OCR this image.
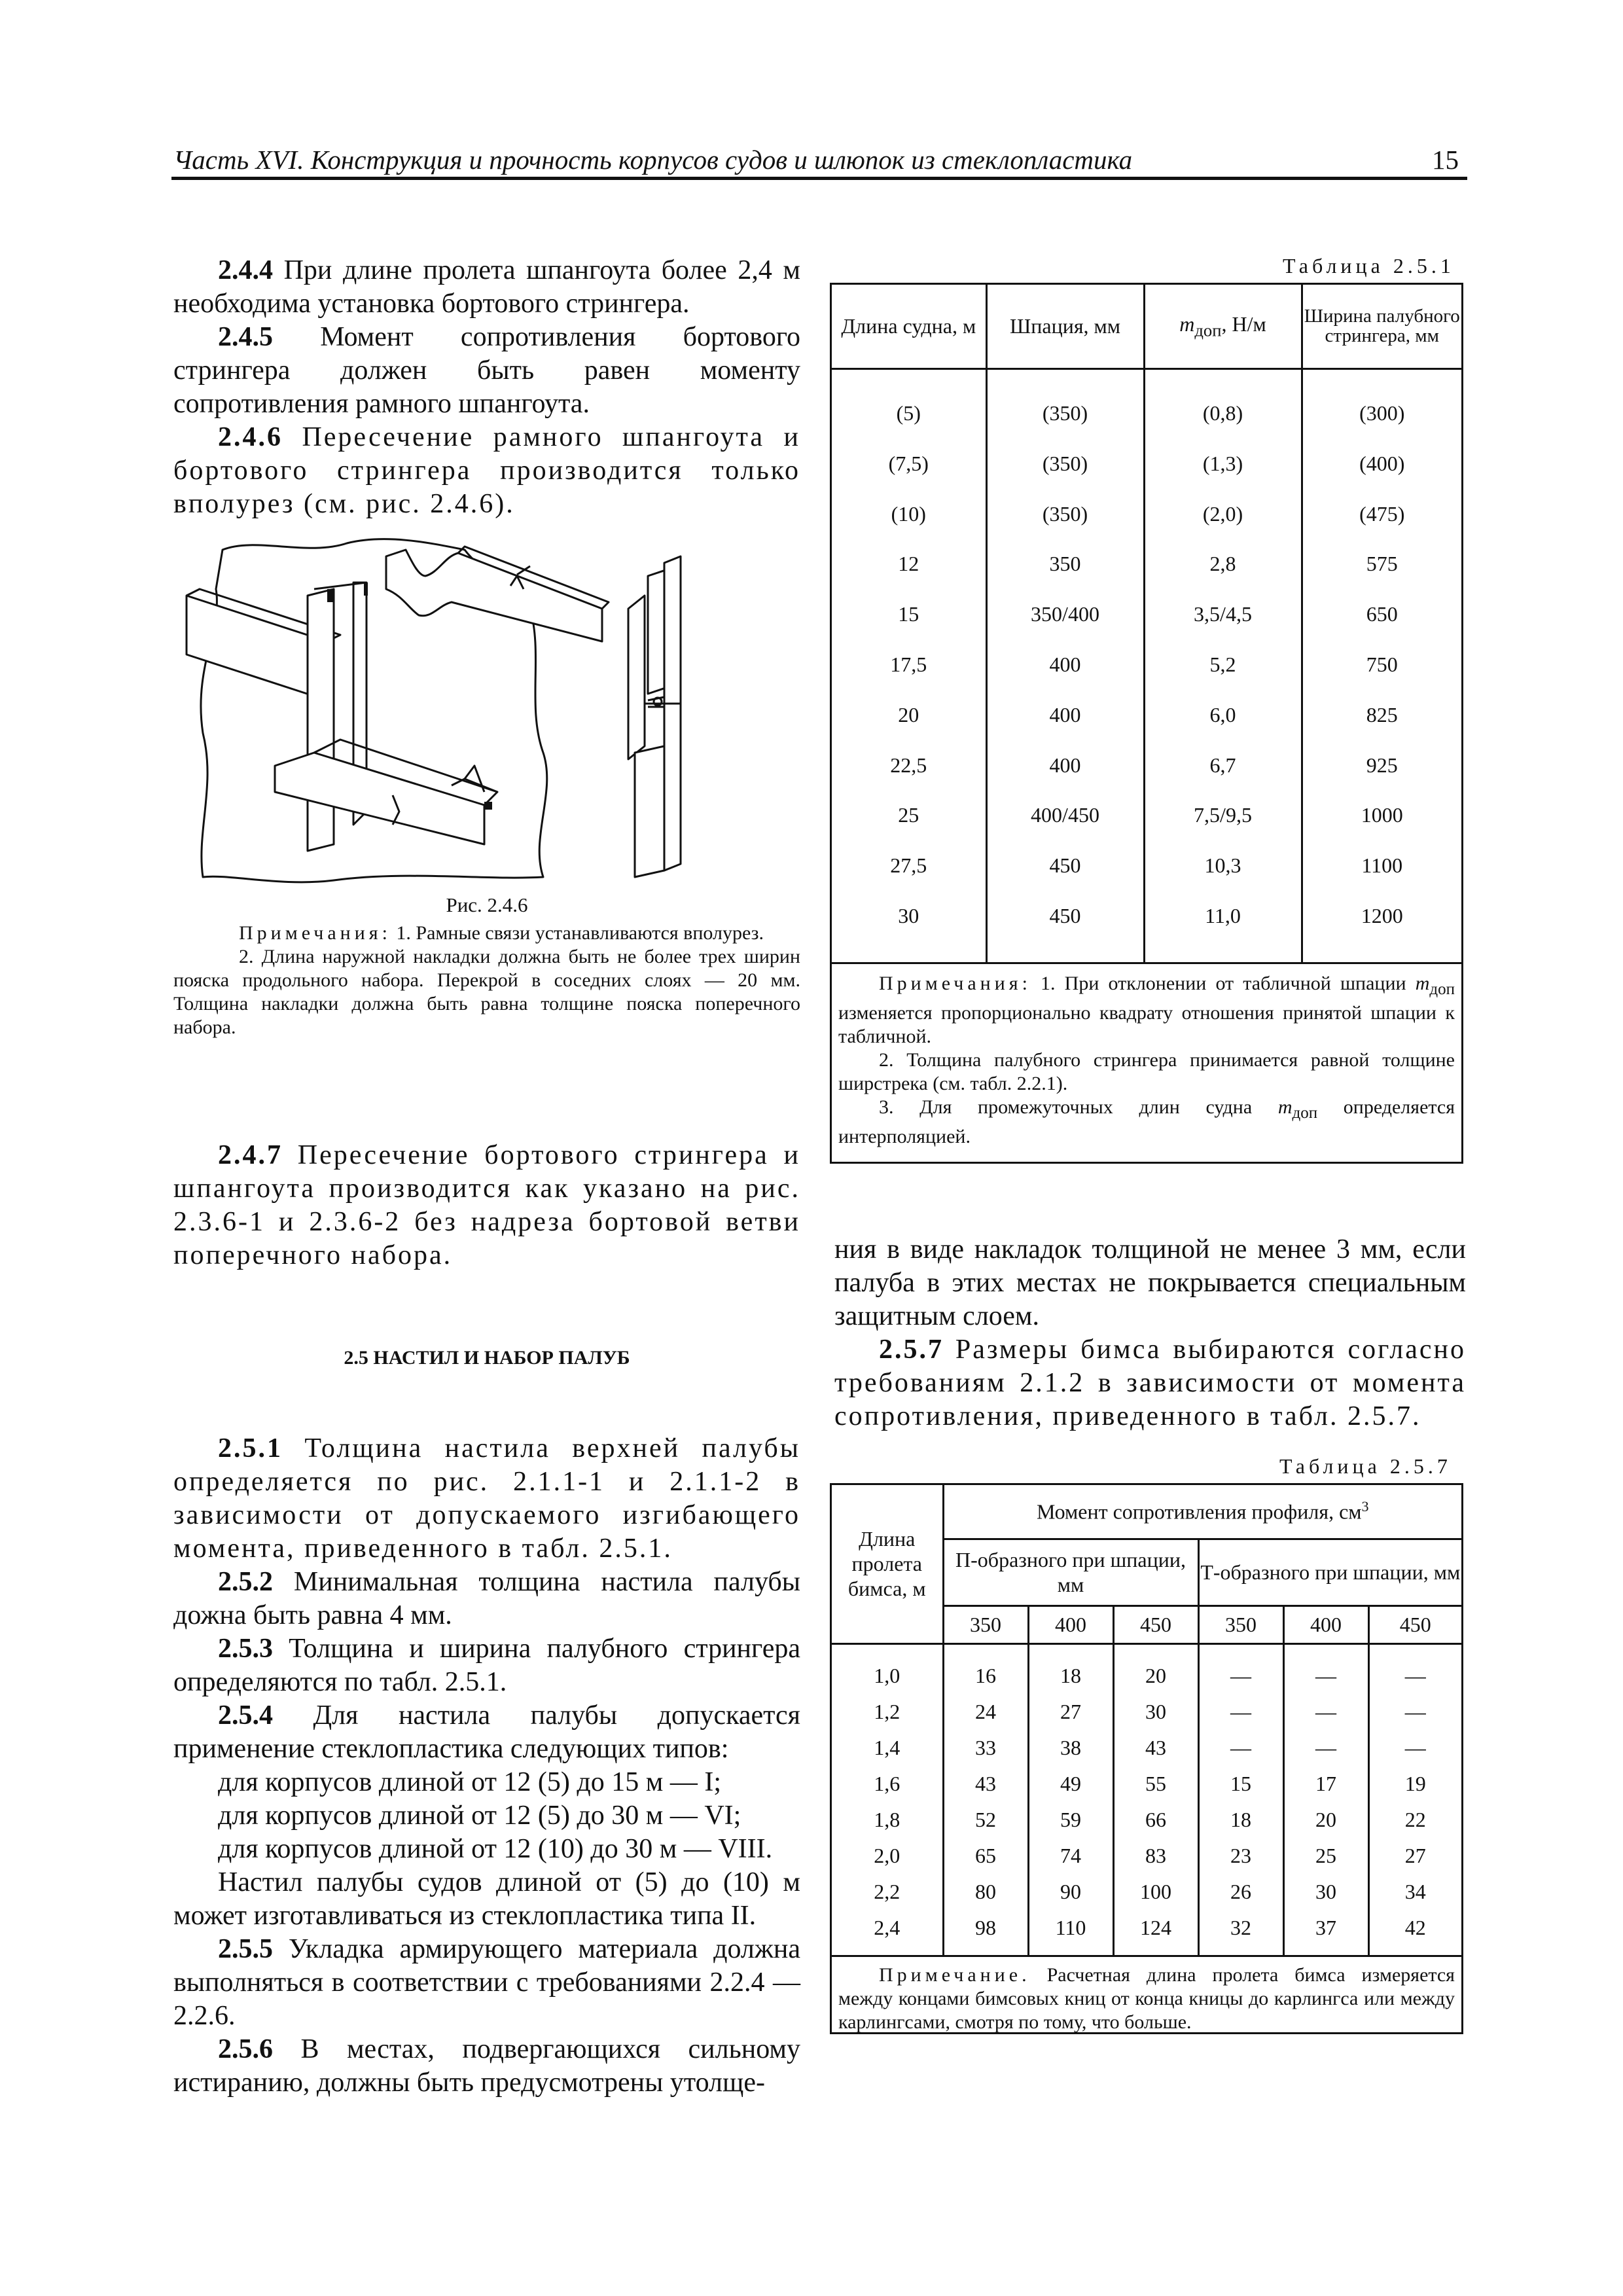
Часть XVI. Конструкция и прочность корпусов судов и шлюпок из стеклопластика	15

2.4.4 При длине пролета шпангоута более 2,4 м необходима установка бортового стрингера.

2.4.5 Момент сопротивления бортового стрингера должен быть равен моменту сопротивления рамного шпангоута.

2.4.6 Пересечение рамного шпангоута и бортового стрингера производится только вполурез (см. рис. 2.4.6).

Рис. 2.4.6

Примечания: 1. Рамные связи устанавливаются вполурез.

2. Длина наружной накладки должна быть не более трех ширин пояска продольного набора. Перекрой в соседних слоях — 20 мм. Толщина накладки должна быть равна толщине пояска поперечного набора.

2.4.7 Пересечение бортового стрингера и шпангоута производится как указано на рис. 2.3.6-1 и 2.3.6-2 без надреза бортовой ветви поперечного набора.

2.5 НАСТИЛ И НАБОР ПАЛУБ

2.5.1 Толщина настила верхней палубы определяется по рис. 2.1.1-1 и 2.1.1-2 в зависимости от допускаемого изгибающего момента, приведенного в табл. 2.5.1.

2.5.2 Минимальная толщина настила палубы дожна быть равна 4 мм.

2.5.3 Толщина и ширина палубного стрингера определяются по табл. 2.5.1.

2.5.4 Для настила палубы допускается применение стеклопластика следующих типов:

для корпусов длиной от 12 (5) до 15 м — I;
для корпусов длиной от 12 (5) до 30 м — VI;
для корпусов длиной от 12 (10) до 30 м — VIII.

Настил палубы судов длиной от (5) до (10) м может изготавливаться из стеклопластика типа II.

2.5.5 Укладка армирующего материала должна выполняться в соответствии с требованиями 2.2.4 — 2.2.6.

2.5.6 В местах, подвергающихся сильному истиранию, должны быть предусмотрены утолще-

Таблица 2.5.1
Длина судна, м	Шпация, мм	$m_{доп}$, Н/м	Ширина палубного стрингера, мм

(5)	(350)	(0,8)	(300)
(7,5)	(350)	(1,3)	(400)
(10)	(350)	(2,0)	(475)
12	350	2,8	575
15	350/400	3,5/4,5	650
17,5	400	5,2	750
20	400	6,0	825
22,5	400	6,7	925
25	400/450	7,5/9,5	1000
27,5	450	10,3	1100
30	450	11,0	1200

Примечания: 1. При отклонении от табличной шпации $m_{доп}$ изменяется пропорционально квадрату отношения принятой шпации к табличной.

2. Толщина палубного стрингера принимается равной толщине ширстрека (см. табл. 2.2.1).

3. Для промежуточных длин судна $m_{доп}$ определяется интерполяцией.

ния в виде накладок толщиной не менее 3 мм, если палуба в этих местах не покрывается специальным защитным слоем.

2.5.7 Размеры бимса выбираются согласно требованиям 2.1.2 в зависимости от момента сопротивления, приведенного в табл. 2.5.7.

Таблица 2.5.7
Длина пролета бимса, м	Момент сопротивления профиля, $см^3$
	П-образного при шпации, мм			Т-образного при шпации, мм		
	350	400	450	350	400	450

1,0	16	18	20	—	—	—
1,2	24	27	30	—	—	—
1,4	33	38	43	—	—	—
1,6	43	49	55	15	17	19
1,8	52	59	66	18	20	22
2,0	65	74	83	23	25	27
2,2	80	90	100	26	30	34
2,4	98	110	124	32	37	42

Примечание. Расчетная длина пролета бимса измеряется между концами бимсовых книц от конца кницы до карлингса или между карлингсами, смотря по тому, что больше.
